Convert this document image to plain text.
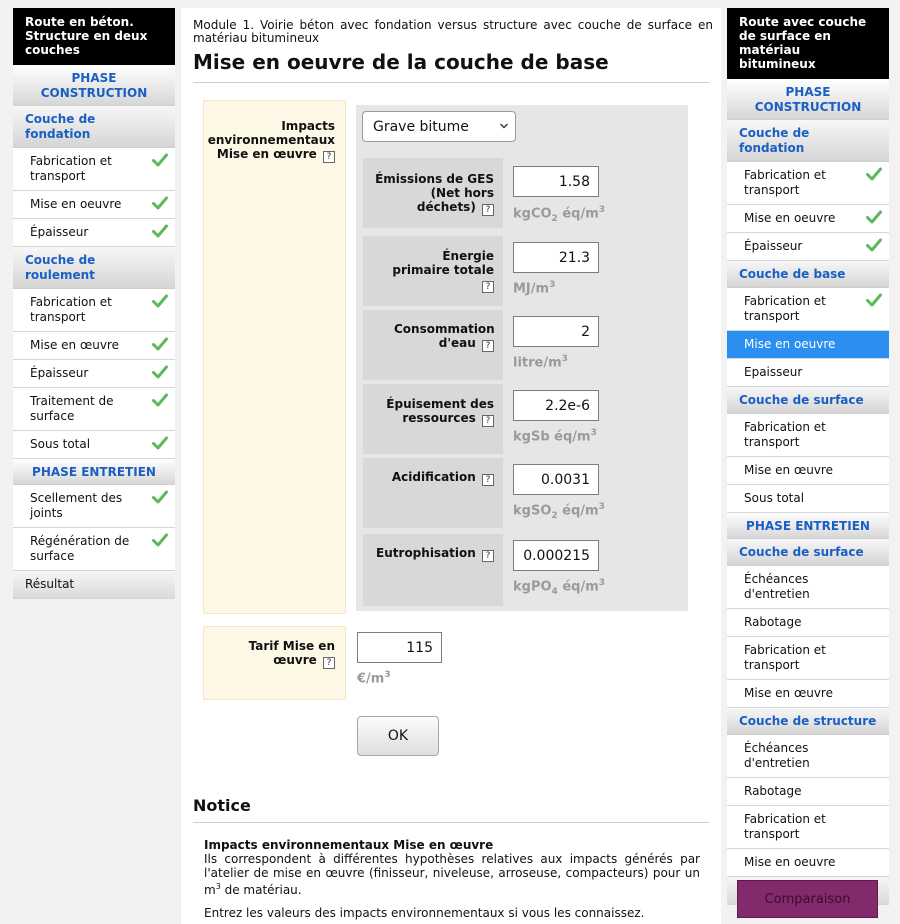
Route en béton. Structure en deux couches
PHASE CONSTRUCTION
Couche de fondation
Fabrication et transport
Mise en oeuvre
Épaisseur
Couche de roulement
Fabrication et transport
Mise en œuvre
Épaisseur
Traitement de surface
Sous total
PHASE ENTRETIEN
Scellement des joints
Régénération de surface
Résultat
Module 1. Voirie béton avec fondation versus structure avec couche de surface en matériau bitumineux
Mise en oeuvre de la couche de base
Impacts environnementaux Mise en œuvre ?
Grave bitume
Émissions de GES (Net hors déchets) ?
1.58
kgCO$_2$ $éq/m^3$
Énergie primaire totale ?
21.3
$MJ/m^3$
Consommation d'eau ?
2
litre/$m^3$
Épuisement des ressources ?
2.2e-6
kgSb $éq/m^3$
Acidification ?	0.0031
kgSO$_2$ $éq/m^3$
Eutrophisation ?	0.000215
kgPO$_4$ $éq/m^3$
Tarif Mise en œuvre ?
115
$€/m^3$
OK
Notice
Impacts environnementaux Mise en œuvre
Ils correspondent à différentes hypothèses relatives aux impacts générés par l'atelier de mise en œuvre (finisseur, niveleuse, arroseuse, compacteurs) pour un $m^3$ de matériau.
Entrez les valeurs des impacts environnementaux si vous les connaissez.
Route avec couche de surface en matériau bitumineux
PHASE CONSTRUCTION
Couche de fondation
Fabrication et transport
Mise en oeuvre
Épaisseur
Couche de base
Fabrication et transport
Mise en oeuvre
Epaisseur
Couche de surface
Fabrication et transport
Mise en œuvre
Sous total
PHASE ENTRETIEN
Couche de surface
Échéances d'entretien
Rabotage
Fabrication et transport
Mise en œuvre
Couche de structure
Échéances d'entretien
Rabotage
Fabrication et transport
Mise en oeuvre
Comparaison
